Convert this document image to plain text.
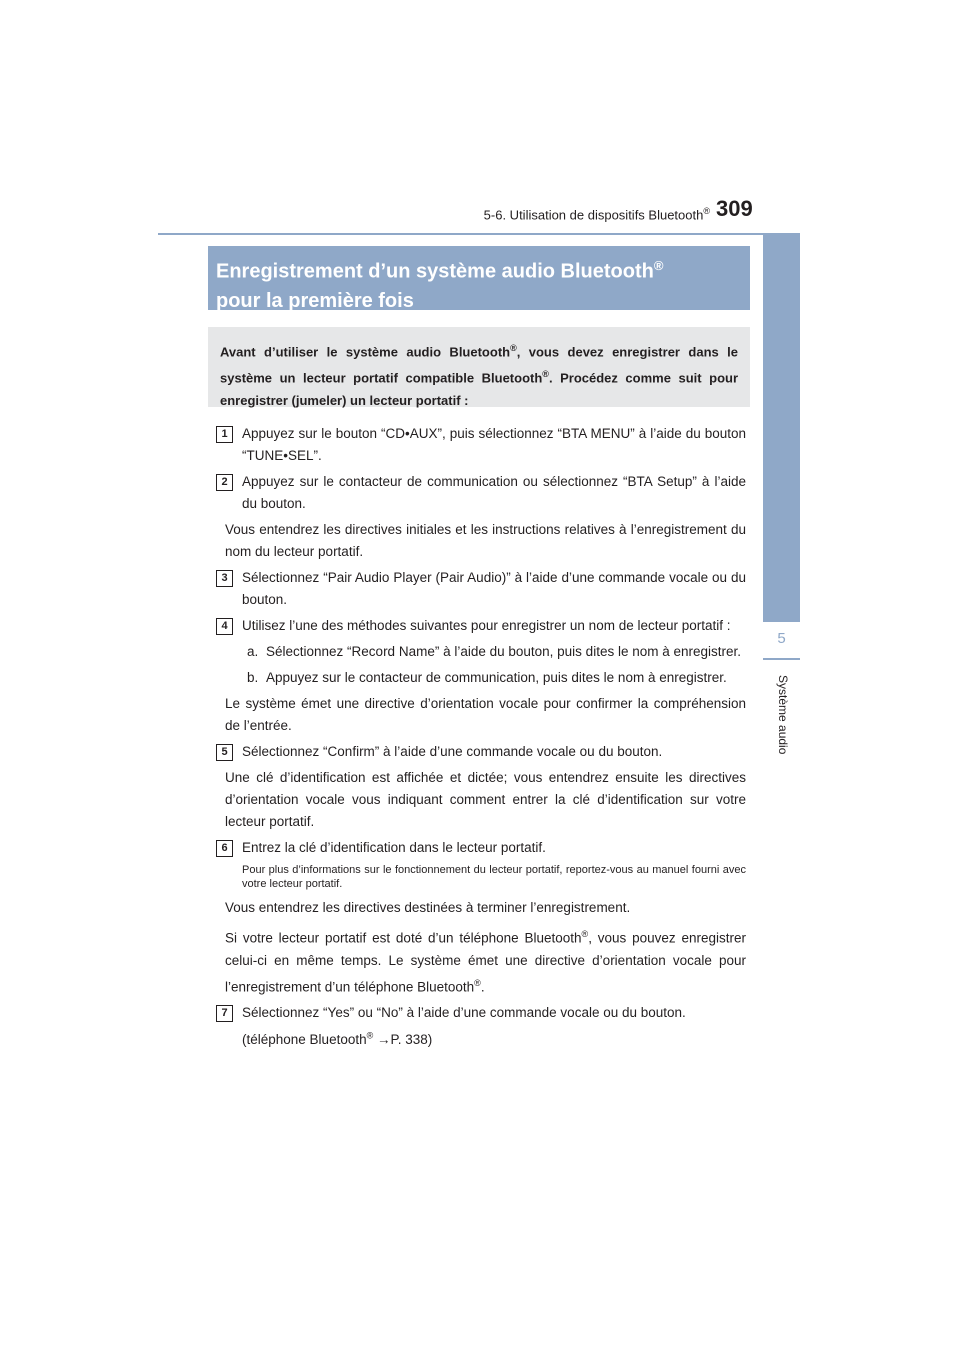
5-6. Utilisation de dispositifs Bluetooth® 309
5
Système audio
Enregistrement d’un système audio Bluetooth®
pour la première fois
Avant d’utiliser le système audio Bluetooth®, vous devez enregistrer dans le système un lecteur portatif compatible Bluetooth®. Procédez comme suit pour enregistrer (jumeler) un lecteur portatif :
1	Appuyez sur le bouton “CD•AUX”, puis sélectionnez “BTA MENU” à l’aide du bouton “TUNE•SEL”.
2	Appuyez sur le contacteur de communication ou sélectionnez “BTA Setup” à l’aide du bouton.
Vous entendrez les directives initiales et les instructions relatives à l’enregistrement du nom du lecteur portatif.
3	Sélectionnez “Pair Audio Player (Pair Audio)” à l’aide d’une commande vocale ou du bouton.
4	Utilisez l’une des méthodes suivantes pour enregistrer un nom de lecteur portatif :
a. Sélectionnez “Record Name” à l’aide du bouton, puis dites le nom à enregistrer.
b. Appuyez sur le contacteur de communication, puis dites le nom à enregistrer.
Le système émet une directive d’orientation vocale pour confirmer la compréhension de l’entrée.
5	Sélectionnez “Confirm” à l’aide d’une commande vocale ou du bouton.
Une clé d’identification est affichée et dictée; vous entendrez ensuite les directives d’orientation vocale vous indiquant comment entrer la clé d’identification sur votre lecteur portatif.
6	Entrez la clé d’identification dans le lecteur portatif.
Pour plus d’informations sur le fonctionnement du lecteur portatif, reportez-vous au manuel fourni avec votre lecteur portatif.
Vous entendrez les directives destinées à terminer l’enregistrement.
Si votre lecteur portatif est doté d’un téléphone Bluetooth®, vous pouvez enregistrer celui-ci en même temps. Le système émet une directive d’orientation vocale pour l’enregistrement d’un téléphone Bluetooth®.
7	Sélectionnez “Yes” ou “No” à l’aide d’une commande vocale ou du bouton.
(téléphone Bluetooth® →P. 338)
